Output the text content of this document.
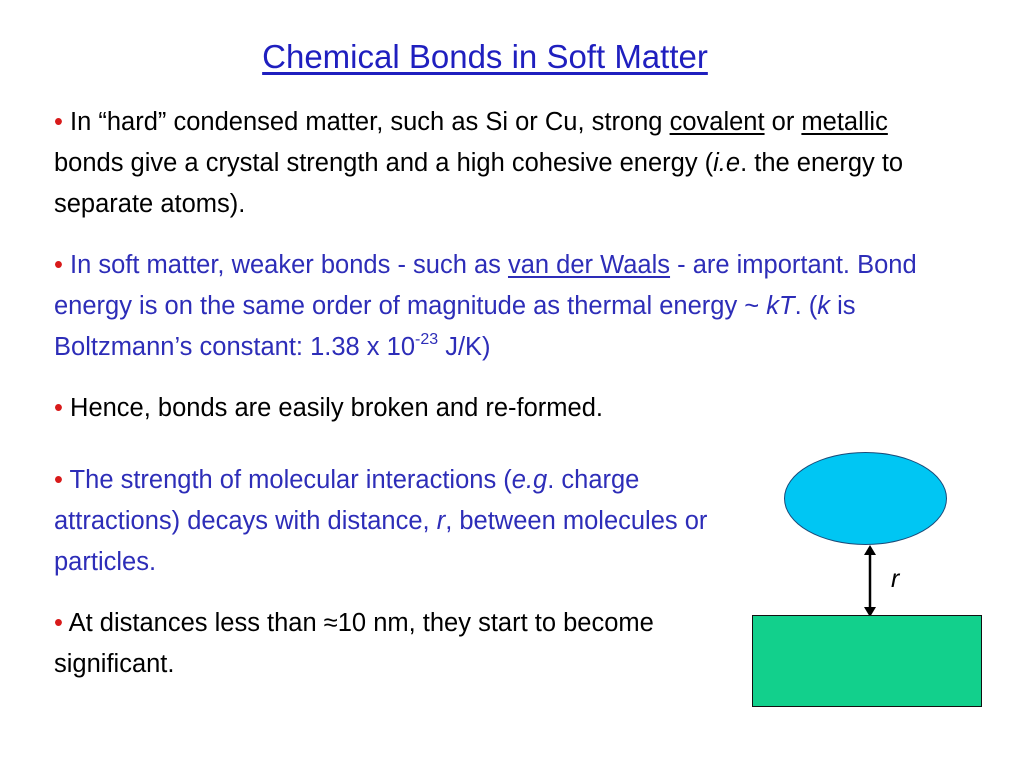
Chemical Bonds in Soft Matter

• In “hard” condensed matter, such as Si or Cu, strong covalent or metallic bonds give a crystal strength and a high cohesive energy (i.e. the energy to separate atoms).

• In soft matter, weaker bonds - such as van der Waals - are important. Bond energy is on the same order of magnitude as thermal energy ~ kT. (k is Boltzmann’s constant: 1.38 x $10^{-23}$ J/K)

• Hence, bonds are easily broken and re-formed.

• The strength of molecular interactions (e.g. charge attractions) decays with distance, r, between molecules or particles.

• At distances less than ≈10 nm, they start to become significant.

r
